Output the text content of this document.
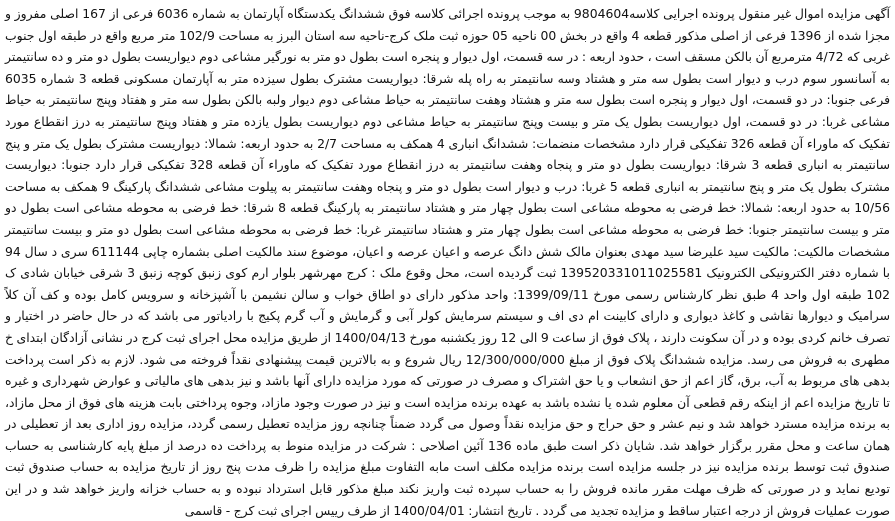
آگهی مزایده اموال غیر منقول پرونده اجرایی کلاسه9804604 به موجب پرونده اجرائی کلاسه فوق ششدانگ یکدستگاه آپارتمان به شماره 6036 فرعی از 167 اصلی مفروز و مجزا شده از 1396 فرعی از اصلی مذکور قطعه 4 واقع در بخش 00 ناحیه 05 حوزه ثبت ملک کرج-ناحیه سه استان البرز به مساحت 102/9 متر مربع واقع در طبقه اول جنوب غربی که 4/72 مترمربع آن بالکن مسقف است ، حدود اربعه : در سه قسمت، اول دیوار و پنجره است بطول دو متر به نورگیر مشاعی دوم دیواریست بطول دو متر و ده سانتیمتر به آسانسور سوم درب و دیوار است بطول سه متر و هشتاد وسه سانتیمتر به راه پله شرقا: دیواریست مشترک بطول سیزده متر به آپارتمان مسکونی قطعه 3 شماره 6035 فرعی جنوبا: در دو قسمت، اول دیوار و پنجره است بطول سه متر و هشتاد وهفت سانتیمتر به حیاط مشاعی دوم دیوار ولبه بالکن بطول سه متر و هفتاد وپنج سانتیمتر به حیاط مشاعی غربا: در دو قسمت، اول دیواریست بطول یک متر و بیست وپنج سانتیمتر به حیاط مشاعی دوم دیواریست بطول یازده متر و هفتاد وپنج سانتیمتر به درز انقطاع مورد تفکیک که ماوراء آن قطعه 326 تفکیکی قرار دارد مشخصات منضمات: ششدانگ انباری 4 همکف به مساحت 2/7 به حدود اربعه: شمالا: دیواریست مشترک بطول یک متر و پنج سانتیمتر به انباری قطعه 3 شرقا: دیواریست بطول دو متر و پنجاه وهفت سانتیمتر به درز انقطاع مورد تفکیک که ماوراء آن قطعه 328 تفکیکی قرار دارد جنوبا: دیواریست مشترک بطول یک متر و پنج سانتیمتر به انباری قطعه 5 غربا: درب و دیوار است بطول دو متر و پنجاه وهفت سانتیمتر به پیلوت مشاعی ششدانگ پارکینگ 9 همکف به مساحت 10/56 به حدود اربعه: شمالا: خط فرضی به محوطه مشاعی است بطول چهار متر و هشتاد سانتیمتر به پارکینگ قطعه 8 شرقا: خط فرضی به محوطه مشاعی است بطول دو متر و بیست سانتیمتر جنوبا: خط فرضی به محوطه مشاعی است بطول چهار متر و هشتاد سانتیمتر غربا: خط فرضی به محوطه مشاعی است بطول دو متر و بیست سانتیمتر مشخصات مالکیت: مالکیت سید علیرضا سید مهدی بعنوان مالک شش دانگ عرصه و اعیان عرصه و اعیان، موضوع سند مالکیت اصلی بشماره چاپی 611144 سری د سال 94 با شماره دفتر الکترونیکی الکترونیک 139520331011025581 ثبت گردیده است، محل وقوع ملک : کرج مهرشهر بلوار ارم کوی زنبق کوچه زنبق 3 شرقی خیابان شادی ک 102 طبقه اول واحد 4 طبق نظر کارشناس رسمی مورخ 1399/09/11: واحد مذکور دارای دو اطاق خواب و سالن نشیمن با آشپزخانه و سرویس کامل بوده و کف آن کلاً سرامیک و دیوارها نقاشی و کاغذ دیواری و دارای کابینت ام دی اف و سیستم سرمایش کولر آبی و گرمایش و آب گرم پکیج با رادیاتور می باشد که در حال حاضر در اختیار و تصرف خانم کردی بوده و در آن سکونت دارند ، پلاک فوق از ساعت 9 الی 12 روز یکشنبه مورخ 1400/04/13 از طریق مزایده محل اجرای ثبت کرج در نشانی آزادگان ابتدای خ مطهری به فروش می رسد. مزایده ششدانگ پلاک فوق از مبلغ 12/300/000/000 ریال شروع و به بالاترین قیمت پیشنهادی نقداً فروخته می شود. لازم به ذکر است پرداخت بدهی های مربوط به آب، برق، گاز اعم از حق انشعاب و یا حق اشتراک و مصرف در صورتی که مورد مزایده دارای آنها باشد و نیز بدهی های مالیاتی و عوارض شهرداری و غیره تا تاریخ مزایده اعم از اینکه رقم قطعی آن معلوم شده یا نشده باشد به عهده برنده مزایده است و نیز در صورت وجود مازاد، وجوه پرداختی بابت هزینه های فوق از محل مازاد، به برنده مزایده مسترد خواهد شد و نیم عشر و حق حراج و حق مزایده نقداً وصول می گردد ضمناً چنانچه روز مزایده تعطیل رسمی گردد، مزایده روز اداری بعد از تعطیلی در همان ساعت و محل مقرر برگزار خواهد شد. شایان ذکر است طبق ماده 136 آئین اصلاحی : شرکت در مزایده منوط به پرداخت ده درصد از مبلغ پایه کارشناسی به حساب صندوق ثبت توسط برنده مزایده نیز در جلسه مزایده است برنده مزایده مکلف است مابه التفاوت مبلغ مزایده را ظرف مدت پنج روز از تاریخ مزایده به حساب صندوق ثبت تودیع نماید و در صورتی که ظرف مهلت مقرر مانده فروش را به حساب سپرده ثبت واریز نکند مبلغ مذکور قابل استرداد نبوده و به حساب خزانه واریز خواهد شد و در این صورت عملیات فروش از درجه اعتبار ساقط و مزایده تجدید می گردد . تاریخ انتشار: 1400/04/01 از طرف رییس اجرای ثبت کرج - قاسمی
